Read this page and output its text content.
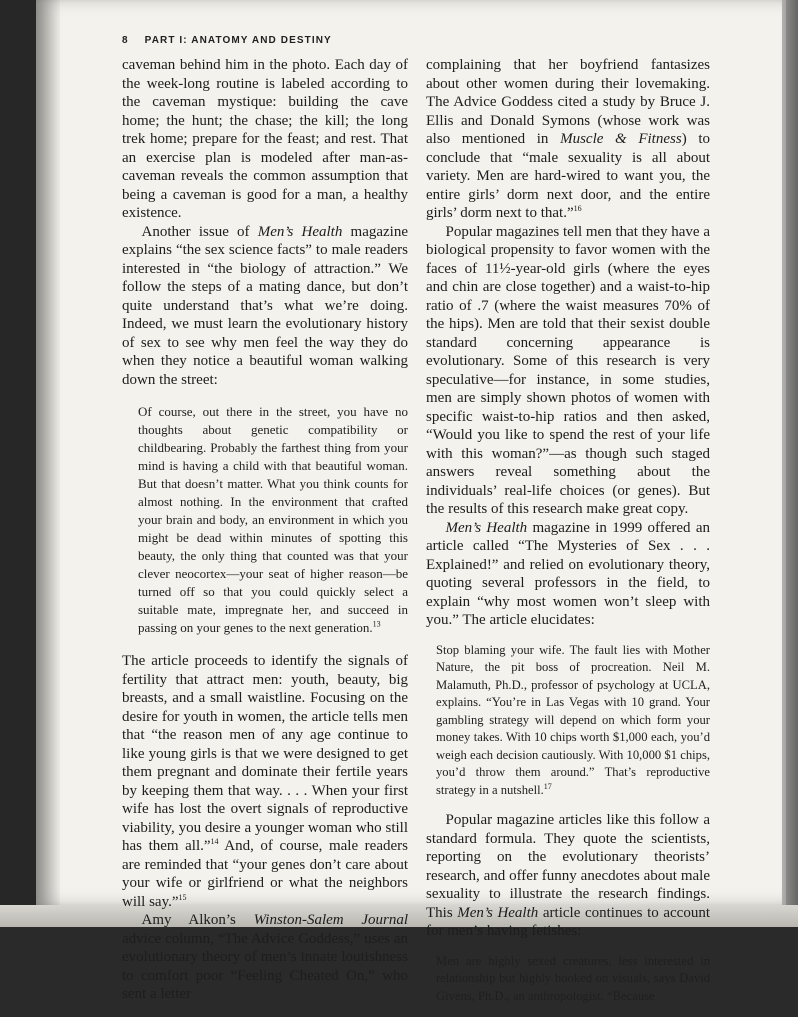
8 PART I: ANATOMY AND DESTINY

caveman behind him in the photo. Each day of the week-long routine is labeled according to the caveman mystique: building the cave home; the hunt; the chase; the kill; the long trek home; prepare for the feast; and rest. That an exercise plan is modeled after man-as-caveman reveals the common assumption that being a caveman is good for a man, a healthy existence.

Another issue of Men’s Health magazine explains “the sex science facts” to male readers interested in “the biology of attraction.” We follow the steps of a mating dance, but don’t quite understand that’s what we’re doing. Indeed, we must learn the evolutionary history of sex to see why men feel the way they do when they notice a beautiful woman walking down the street:

Of course, out there in the street, you have no thoughts about genetic compatibility or childbearing. Probably the farthest thing from your mind is having a child with that beautiful woman. But that doesn’t matter. What you think counts for almost nothing. In the environment that crafted your brain and body, an environment in which you might be dead within minutes of spotting this beauty, the only thing that counted was that your clever neocortex—your seat of higher reason—be turned off so that you could quickly select a suitable mate, impregnate her, and succeed in passing on your genes to the next generation.$^{13}$

The article proceeds to identify the signals of fertility that attract men: youth, beauty, big breasts, and a small waistline. Focusing on the desire for youth in women, the article tells men that “the reason men of any age continue to like young girls is that we were designed to get them pregnant and dominate their fertile years by keeping them that way. . . . When your first wife has lost the overt signals of reproductive viability, you desire a younger woman who still has them all.”$^{14}$ And, of course, male readers are reminded that “your genes don’t care about your wife or girlfriend or what the neighbors will say.”$^{15}$

Amy Alkon’s Winston-Salem Journal advice column, “The Advice Goddess,” uses an evolutionary theory of men’s innate loutishness to comfort poor “Feeling Cheated On,” who sent a letter

complaining that her boyfriend fantasizes about other women during their lovemaking. The Advice Goddess cited a study by Bruce J. Ellis and Donald Symons (whose work was also mentioned in Muscle & Fitness) to conclude that “male sexuality is all about variety. Men are hard-wired to want you, the entire girls’ dorm next door, and the entire girls’ dorm next to that.”$^{16}$

Popular magazines tell men that they have a biological propensity to favor women with the faces of 11½-year-old girls (where the eyes and chin are close together) and a waist-to-hip ratio of .7 (where the waist measures 70% of the hips). Men are told that their sexist double standard concerning appearance is evolutionary. Some of this research is very speculative—for instance, in some studies, men are simply shown photos of women with specific waist-to-hip ratios and then asked, “Would you like to spend the rest of your life with this woman?”—as though such staged answers reveal something about the individuals’ real-life choices (or genes). But the results of this research make great copy.

Men’s Health magazine in 1999 offered an article called “The Mysteries of Sex . . . Explained!” and relied on evolutionary theory, quoting several professors in the field, to explain “why most women won’t sleep with you.” The article elucidates:

Stop blaming your wife. The fault lies with Mother Nature, the pit boss of procreation. Neil M. Malamuth, Ph.D., professor of psychology at UCLA, explains. “You’re in Las Vegas with 10 grand. Your gambling strategy will depend on which form your money takes. With 10 chips worth $1,000 each, you’d weigh each decision cautiously. With 10,000 $1 chips, you’d throw them around.” That’s reproductive strategy in a nutshell.$^{17}$

Popular magazine articles like this follow a standard formula. They quote the scientists, reporting on the evolutionary theorists’ research, and offer funny anecdotes about male sexuality to illustrate the research findings. This Men’s Health article continues to account for men’s having fetishes:

Men are highly sexed creatures, less interested in relationship but highly hooked on visuals, says David Givens, Ph.D., an anthropologist. “Because
